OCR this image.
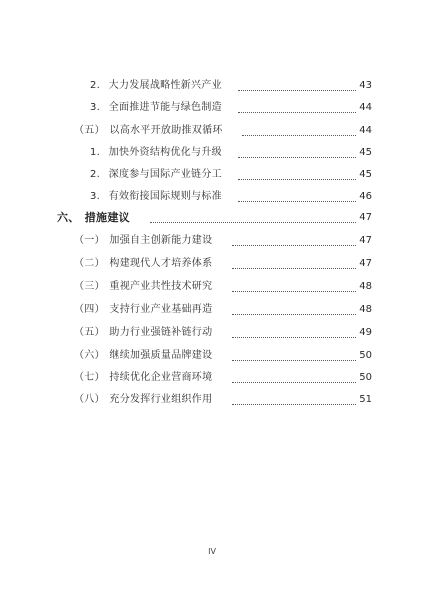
2. 大力发展战略性新兴产业	43
3. 全面推进节能与绿色制造	44
（五） 以高水平开放助推双循环	44
1. 加快外资结构优化与升级	45
2. 深度参与国际产业链分工	45
3. 有效衔接国际规则与标准	46
六、 措施建议	47
（一） 加强自主创新能力建设	47
（二） 构建现代人才培养体系	47
（三） 重视产业共性技术研究	48
（四） 支持行业产业基础再造	48
（五） 助力行业强链补链行动	49
（六） 继续加强质量品牌建设	50
（七） 持续优化企业营商环境	50
（八） 充分发挥行业组织作用	51
IV
